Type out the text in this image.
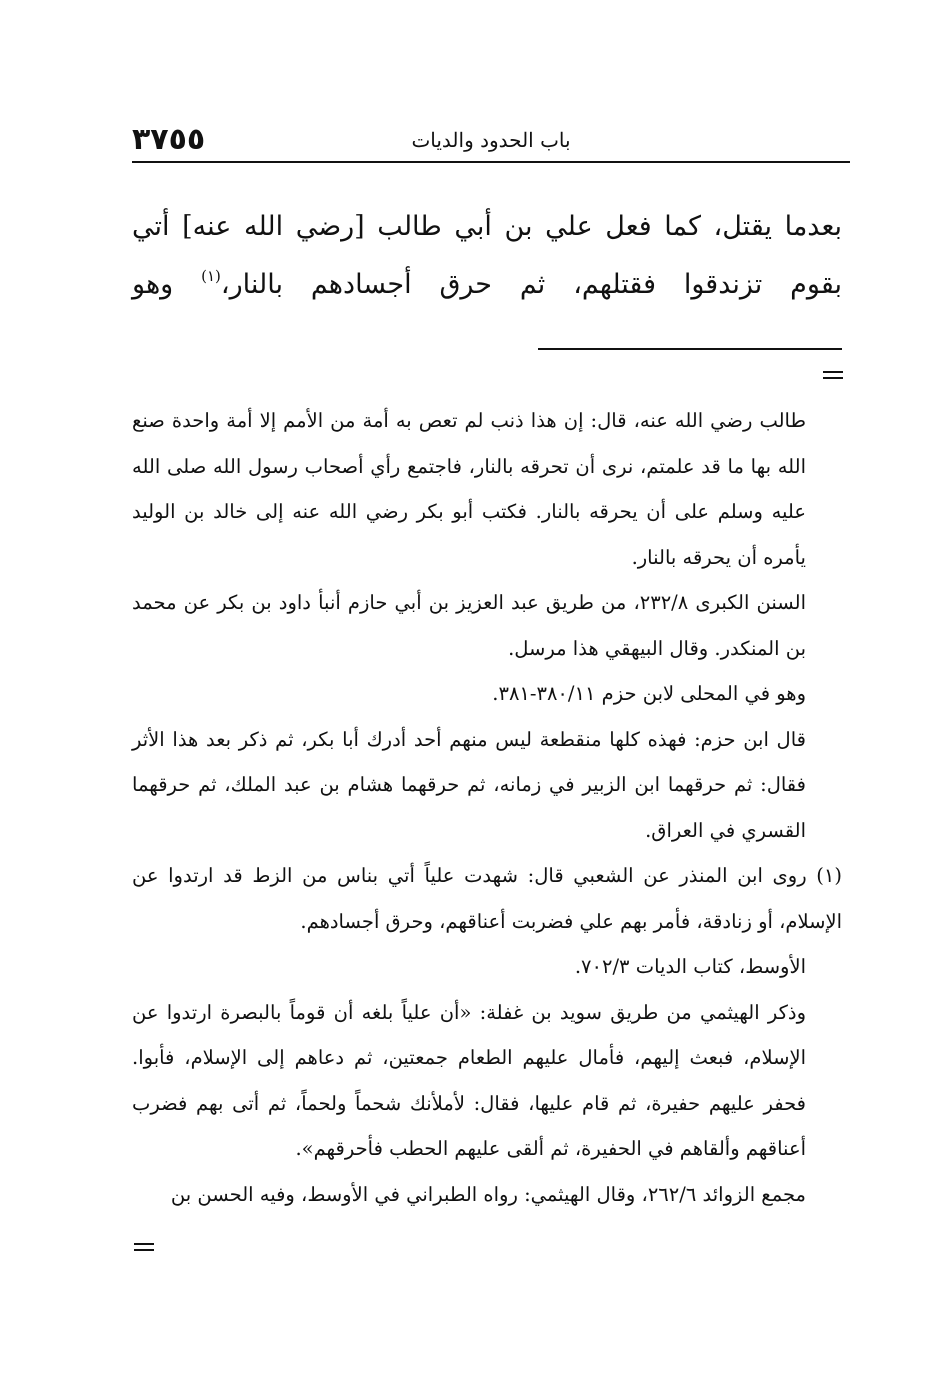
٣٧٥٥	باب الحدود والديات

بعدما يقتل، كما فعل علي بن أبي طالب [رضي الله عنه] أتي بقوم تزندقوا فقتلهم، ثم حرق أجسادهم بالنار،$^{(١)}$ وهو

طالب رضي الله عنه، قال: إن هذا ذنب لم تعص به أمة من الأمم إلا أمة واحدة صنع الله بها ما قد علمتم، نرى أن تحرقه بالنار، فاجتمع رأي أصحاب رسول الله صلى الله عليه وسلم على أن يحرقه بالنار. فكتب أبو بكر رضي الله عنه إلى خالد بن الوليد يأمره أن يحرقه بالنار.

السنن الكبرى ٢٣٢/٨، من طريق عبد العزيز بن أبي حازم أنبأ داود بن بكر عن محمد بن المنكدر. وقال البيهقي هذا مرسل.

وهو في المحلى لابن حزم ٣٨٠/١١-٣٨١.

قال ابن حزم: فهذه كلها منقطعة ليس منهم أحد أدرك أبا بكر، ثم ذكر بعد هذا الأثر فقال: ثم حرقهما ابن الزبير في زمانه، ثم حرقهما هشام بن عبد الملك، ثم حرقهما القسري في العراق.

(١) روى ابن المنذر عن الشعبي قال: شهدت علياً أتي بناس من الزط قد ارتدوا عن الإسلام، أو زنادقة، فأمر بهم علي فضربت أعناقهم، وحرق أجسادهم.

الأوسط، كتاب الديات ٧٠٢/٣.

وذكر الهيثمي من طريق سويد بن غفلة: «أن علياً بلغه أن قوماً بالبصرة ارتدوا عن الإسلام، فبعث إليهم، فأمال عليهم الطعام جمعتين، ثم دعاهم إلى الإسلام، فأبوا. فحفر عليهم حفيرة، ثم قام عليها، فقال: لأملأنك شحماً ولحماً، ثم أتى بهم فضرب أعناقهم وألقاهم في الحفيرة، ثم ألقى عليهم الحطب فأحرقهم».

مجمع الزوائد ٢٦٢/٦، وقال الهيثمي: رواه الطبراني في الأوسط، وفيه الحسن بن
